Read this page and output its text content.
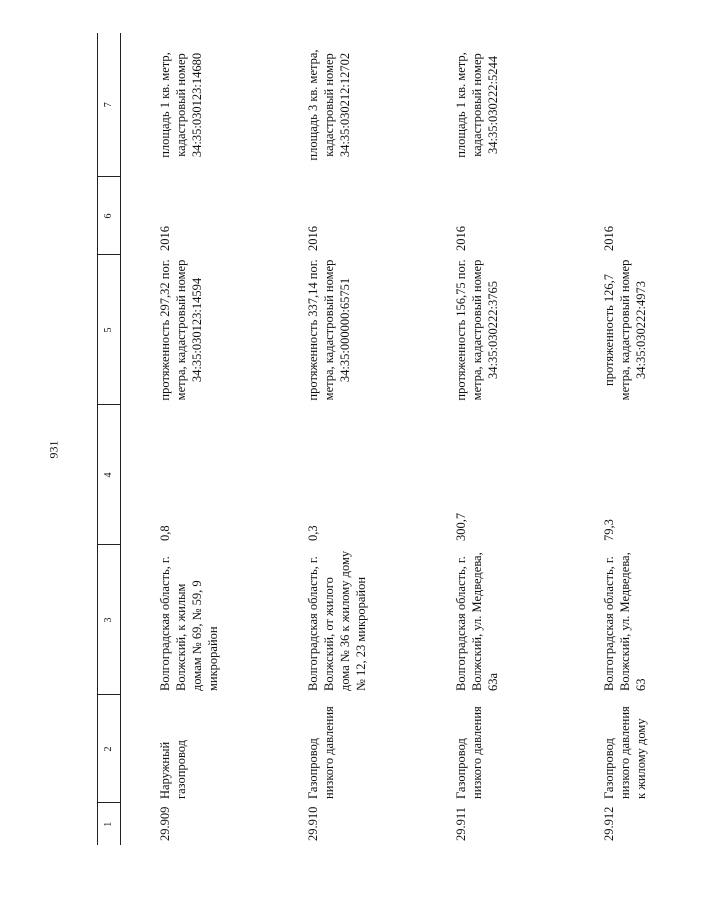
931
1	2	3	4	5	6	7
29.909	Наружный газопровод	Волгоградская область, г. Волжский, к жилым домам № 69, № 59, 9 микрорайон	0,8	протяженность 297,32 пог. метра, кадастровый номер 34:35:030123:14594	2016	площадь 1 кв. метр, кадастровый номер 34:35:030123:14680
29.910	Газопровод низкого давления	Волгоградская область, г. Волжский, от жилого дома № 36 к жилому дому № 12, 23 микрорайон	0,3	протяженность 337,14 пог. метра, кадастровый номер 34:35:000000:65751	2016	площадь 3 кв. метра, кадастровый номер 34:35:030212:12702
29.911	Газопровод низкого давления	Волгоградская область, г. Волжский, ул. Медведева, 63а	300,7	протяженность 156,75 пог. метра, кадастровый номер 34:35:030222:3765	2016	площадь 1 кв. метр, кадастровый номер 34:35:030222:5244
29.912	Газопровод низкого давления к жилому дому	Волгоградская область, г. Волжский, ул. Медведева, 63	79,3	протяженность 126,7 метра, кадастровый номер 34:35:030222:4973	2016	
